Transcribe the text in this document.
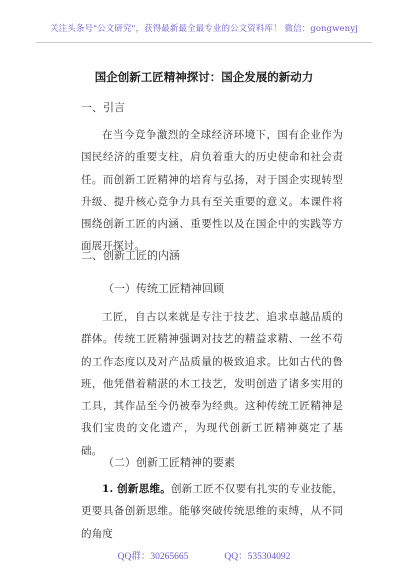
关注头条号"公文研究"，获得最新最全最专业的公文资料库！ 微信：gongwenyj
国企创新工匠精神探讨：国企发展的新动力
一、引言

在当今竞争激烈的全球经济环境下，国有企业作为国民经济的重要支柱，肩负着重大的历史使命和社会责任。而创新工匠精神的培育与弘扬，对于国企实现转型升级、提升核心竞争力具有至关重要的意义。本课件将围绕创新工匠的内涵、重要性以及在国企中的实践等方面展开探讨。

二、创新工匠的内涵
（一）传统工匠精神回顾

工匠，自古以来就是专注于技艺、追求卓越品质的群体。传统工匠精神强调对技艺的精益求精、一丝不苟的工作态度以及对产品质量的极致追求。比如古代的鲁班，他凭借着精湛的木工技艺，发明创造了诸多实用的工具，其作品至今仍被奉为经典。这种传统工匠精神是我们宝贵的文化遗产，为现代创新工匠精神奠定了基础。

（二）创新工匠精神的要素

1. 创新思维。创新工匠不仅要有扎实的专业技能，更要具备创新思维。能够突破传统思维的束缚，从不同的角度

QQ群：30265665	QQ：535304092
